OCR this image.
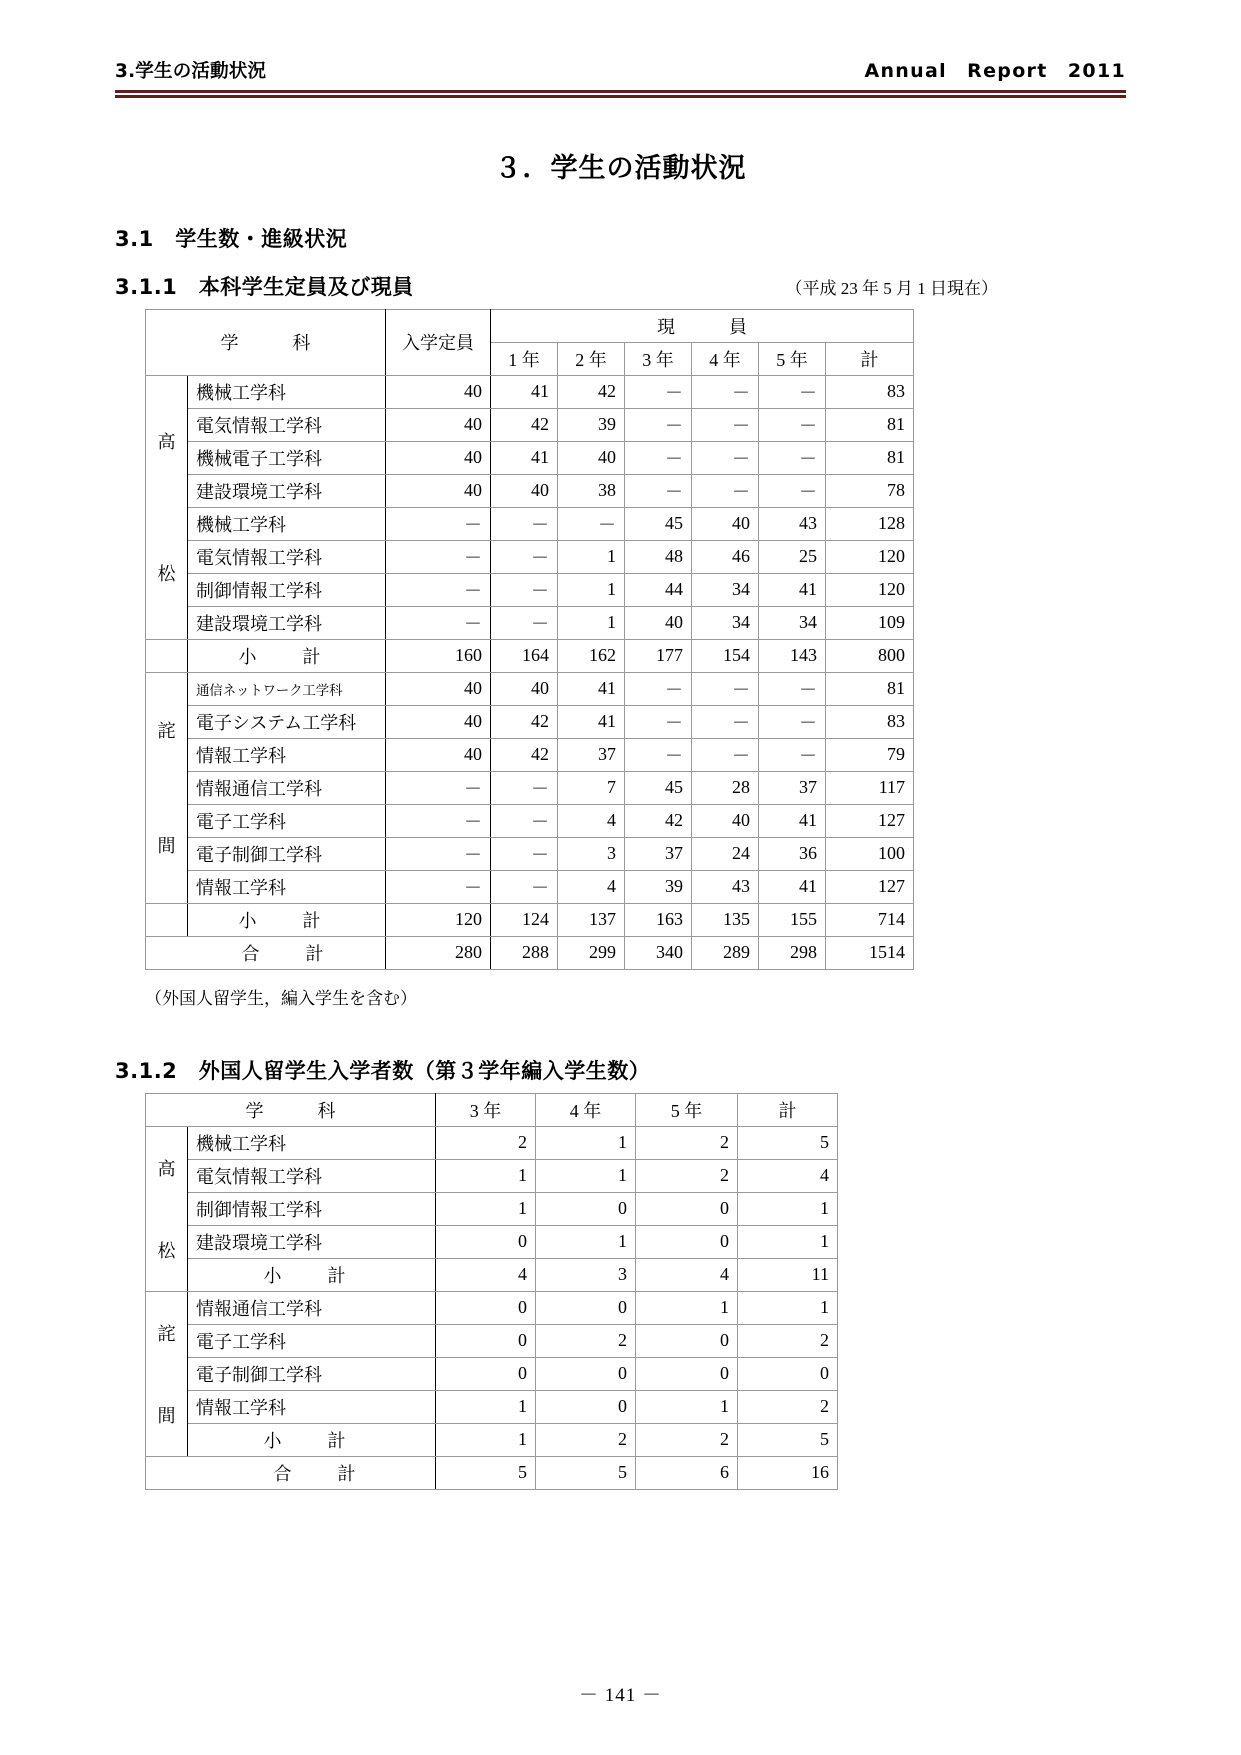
3.学生の活動状況	Annual　Report　2011
３．学生の活動状況
3.1　学生数・進級状況
3.1.1　本科学生定員及び現員	（平成 23 年 5 月 1 日現在）
学　　　科		入学定員	現　　　員					
			1 年	2 年	3 年	4 年	5 年	計

高
松	機械工学科	40	41	42	－	－	－	83
	電気情報工学科	40	42	39	－	－	－	81
	機械電子工学科	40	41	40	－	－	－	81
	建設環境工学科	40	40	38	－	－	－	78
	機械工学科	－	－	－	45	40	43	128
	電気情報工学科	－	－	1	48	46	25	120
	制御情報工学科	－	－	1	44	34	41	120
	建設環境工学科	－	－	1	40	34	34	109
	小　計	160	164	162	177	154	143	800

詫
間	通信ネットワーク工学科	40	40	41	－	－	－	81
	電子システム工学科	40	42	41	－	－	－	83
	情報工学科	40	42	37	－	－	－	79
	情報通信工学科	－	－	7	45	28	37	117
	電子工学科	－	－	4	42	40	41	127
	電子制御工学科	－	－	3	37	24	36	100
	情報工学科	－	－	4	39	43	41	127
	小　計	120	124	137	163	135	155	714
合　計		280	288	299	340	289	298	1514
（外国人留学生，編入学生を含む）
3.1.2　外国人留学生入学者数（第３学年編入学生数）
学　　　科		3 年	4 年	5 年	計

高
松	機械工学科	2	1	2	5
	電気情報工学科	1	1	2	4
	制御情報工学科	1	0	0	1
	建設環境工学科	0	1	0	1
	小　計	4	3	4	11

詫
間	情報通信工学科	0	0	1	1
	電子工学科	0	2	0	2
	電子制御工学科	0	0	0	0
	情報工学科	1	0	1	2
	小　計	1	2	2	5
合　計		5	5	6	16
－ 141 －
